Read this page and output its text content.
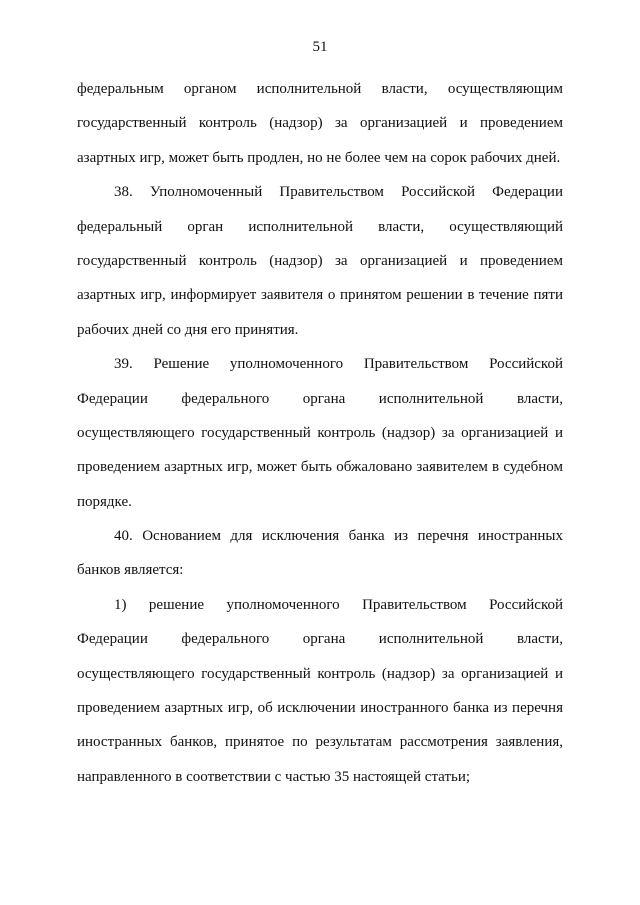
51
федеральным органом исполнительной власти, осуществляющим
государственный контроль (надзор) за организацией и проведением
азартных игр, может быть продлен, но не более чем на сорок рабочих дней.
38. Уполномоченный Правительством Российской Федерации
федеральный орган исполнительной власти, осуществляющий
государственный контроль (надзор) за организацией и проведением
азартных игр, информирует заявителя о принятом решении в течение пяти
рабочих дней со дня его принятия.
39. Решение уполномоченного Правительством Российской
Федерации федерального органа исполнительной власти,
осуществляющего государственный контроль (надзор) за организацией и
проведением азартных игр, может быть обжаловано заявителем в судебном
порядке.
40. Основанием для исключения банка из перечня иностранных
банков является:
1) решение уполномоченного Правительством Российской
Федерации федерального органа исполнительной власти,
осуществляющего государственный контроль (надзор) за организацией и
проведением азартных игр, об исключении иностранного банка из перечня
иностранных банков, принятое по результатам рассмотрения заявления,
направленного в соответствии с частью 35 настоящей статьи;
